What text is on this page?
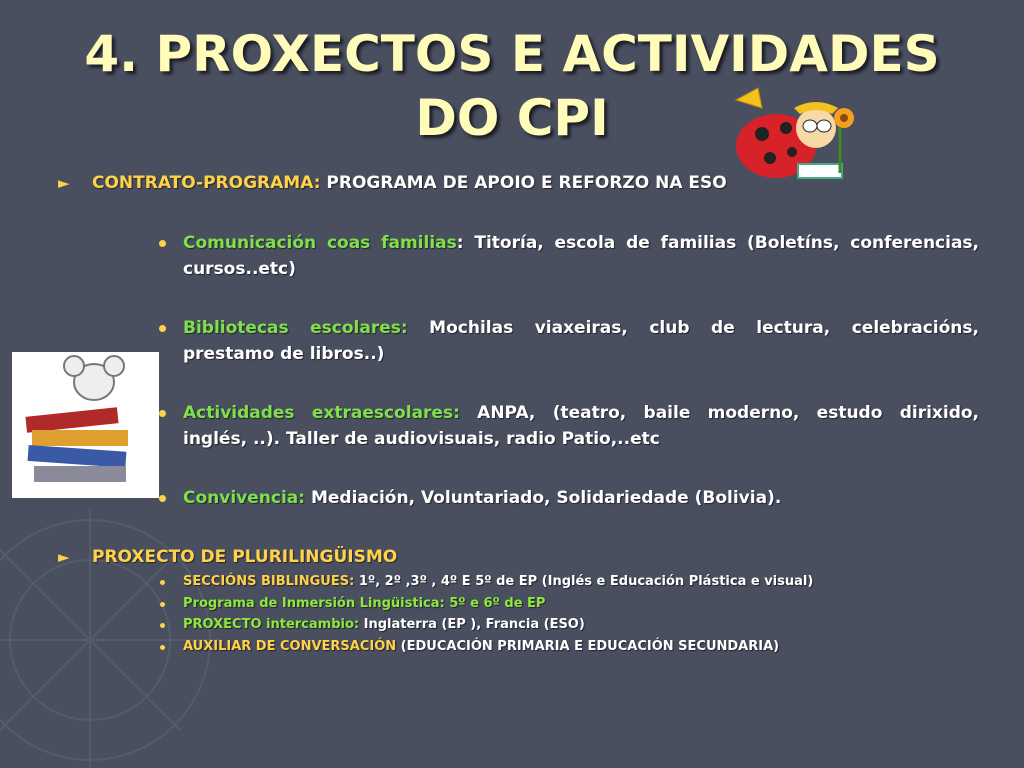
4. PROXECTOS E ACTIVIDADES
DO CPI
► CONTRATO-PROGRAMA: PROGRAMA DE APOIO E REFORZO NA ESO
Comunicación coas familias: Titoría, escola de familias (Boletíns, conferencias,
cursos..etc)
Bibliotecas escolares: Mochilas viaxeiras, club de lectura, celebracións,
prestamo de libros..)
Actividades extraescolares: ANPA, (teatro, baile moderno, estudo dirixido,
inglés, ..). Taller de audiovisuais, radio Patio,..etc
Convivencia: Mediación, Voluntariado, Solidariedade (Bolivia).
► PROXECTO DE PLURILINGÜISMO
SECCIÓNS BIBLINGUES: 1º, 2º ,3º , 4º E 5º de EP (Inglés e Educación Plástica e visual)
Programa de Inmersión Lingüistica: 5º e 6º de EP
PROXECTO intercambio: Inglaterra (EP ), Francia (ESO)
AUXILIAR DE CONVERSACIÓN (EDUCACIÓN PRIMARIA E EDUCACIÓN SECUNDARIA)
